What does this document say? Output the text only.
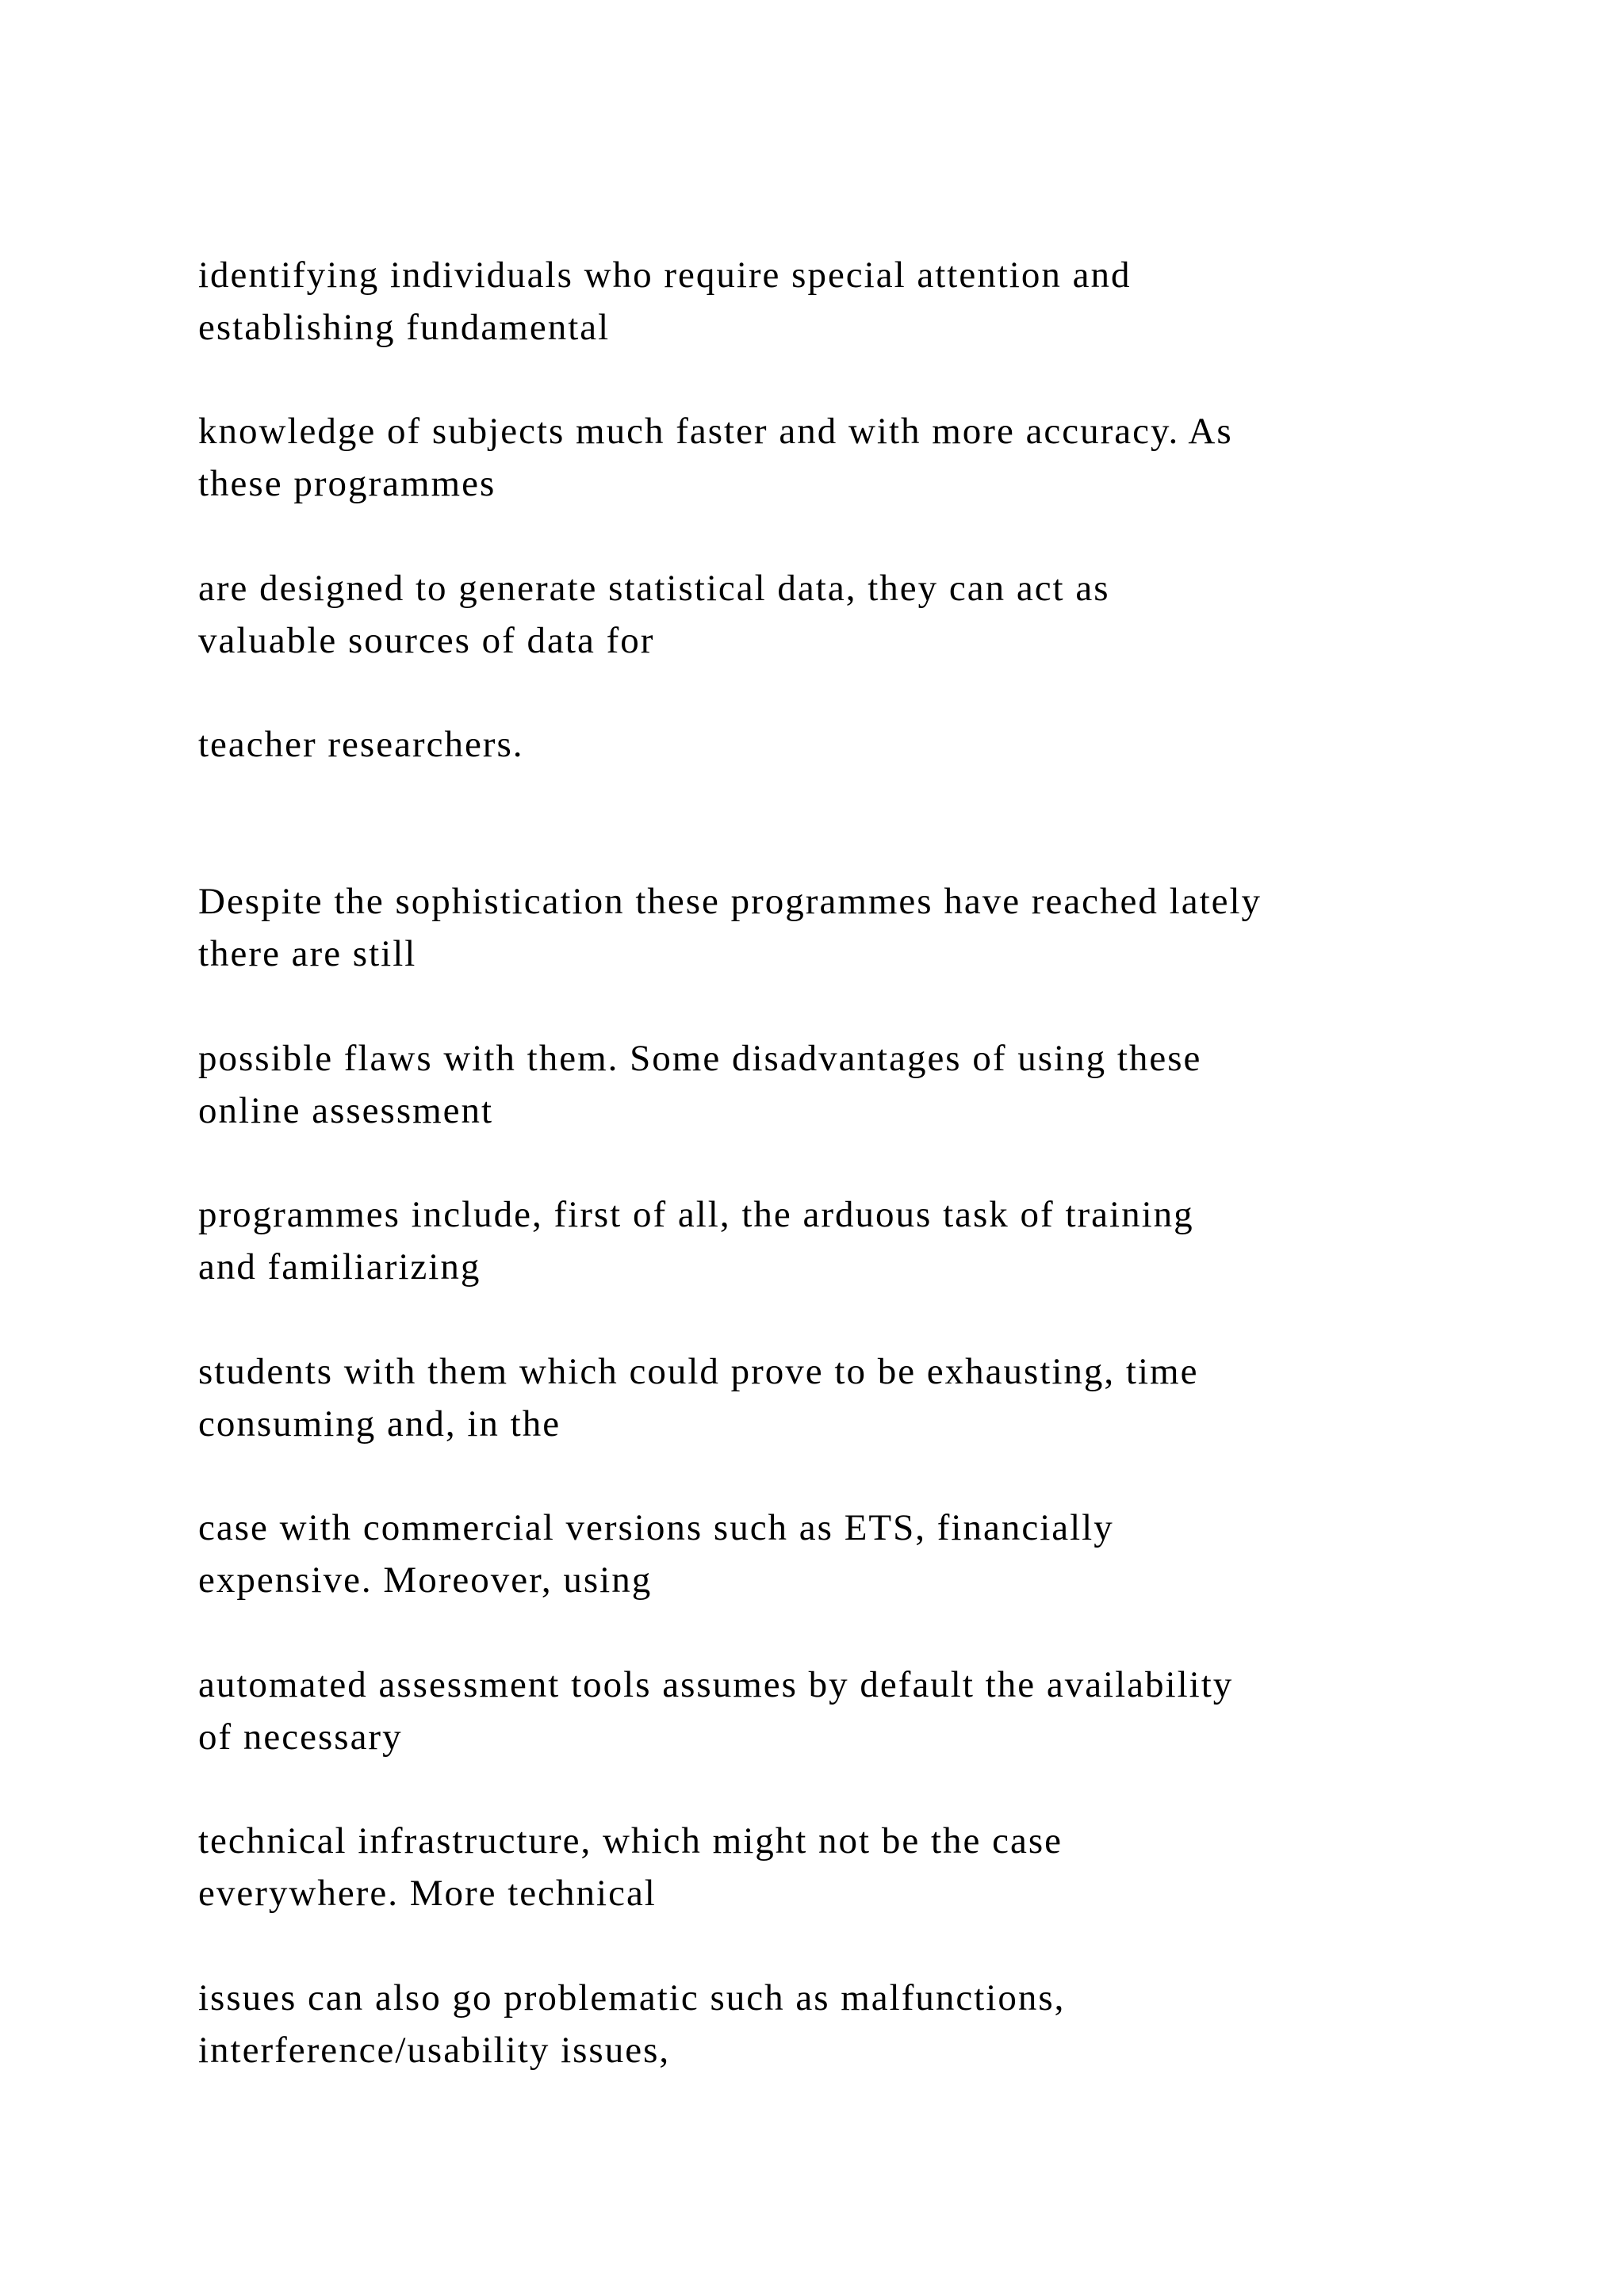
identifying individuals who require special attention and
establishing fundamental

knowledge of subjects much faster and with more accuracy. As
these programmes

are designed to generate statistical data, they can act as
valuable sources of data for

teacher researchers.

Despite the sophistication these programmes have reached lately
there are still

possible flaws with them. Some disadvantages of using these
online assessment

programmes include, first of all, the arduous task of training
and familiarizing

students with them which could prove to be exhausting, time
consuming and, in the

case with commercial versions such as ETS, financially
expensive. Moreover, using

automated assessment tools assumes by default the availability
of necessary

technical infrastructure, which might not be the case
everywhere. More technical

issues can also go problematic such as malfunctions,
interference/usability issues,
